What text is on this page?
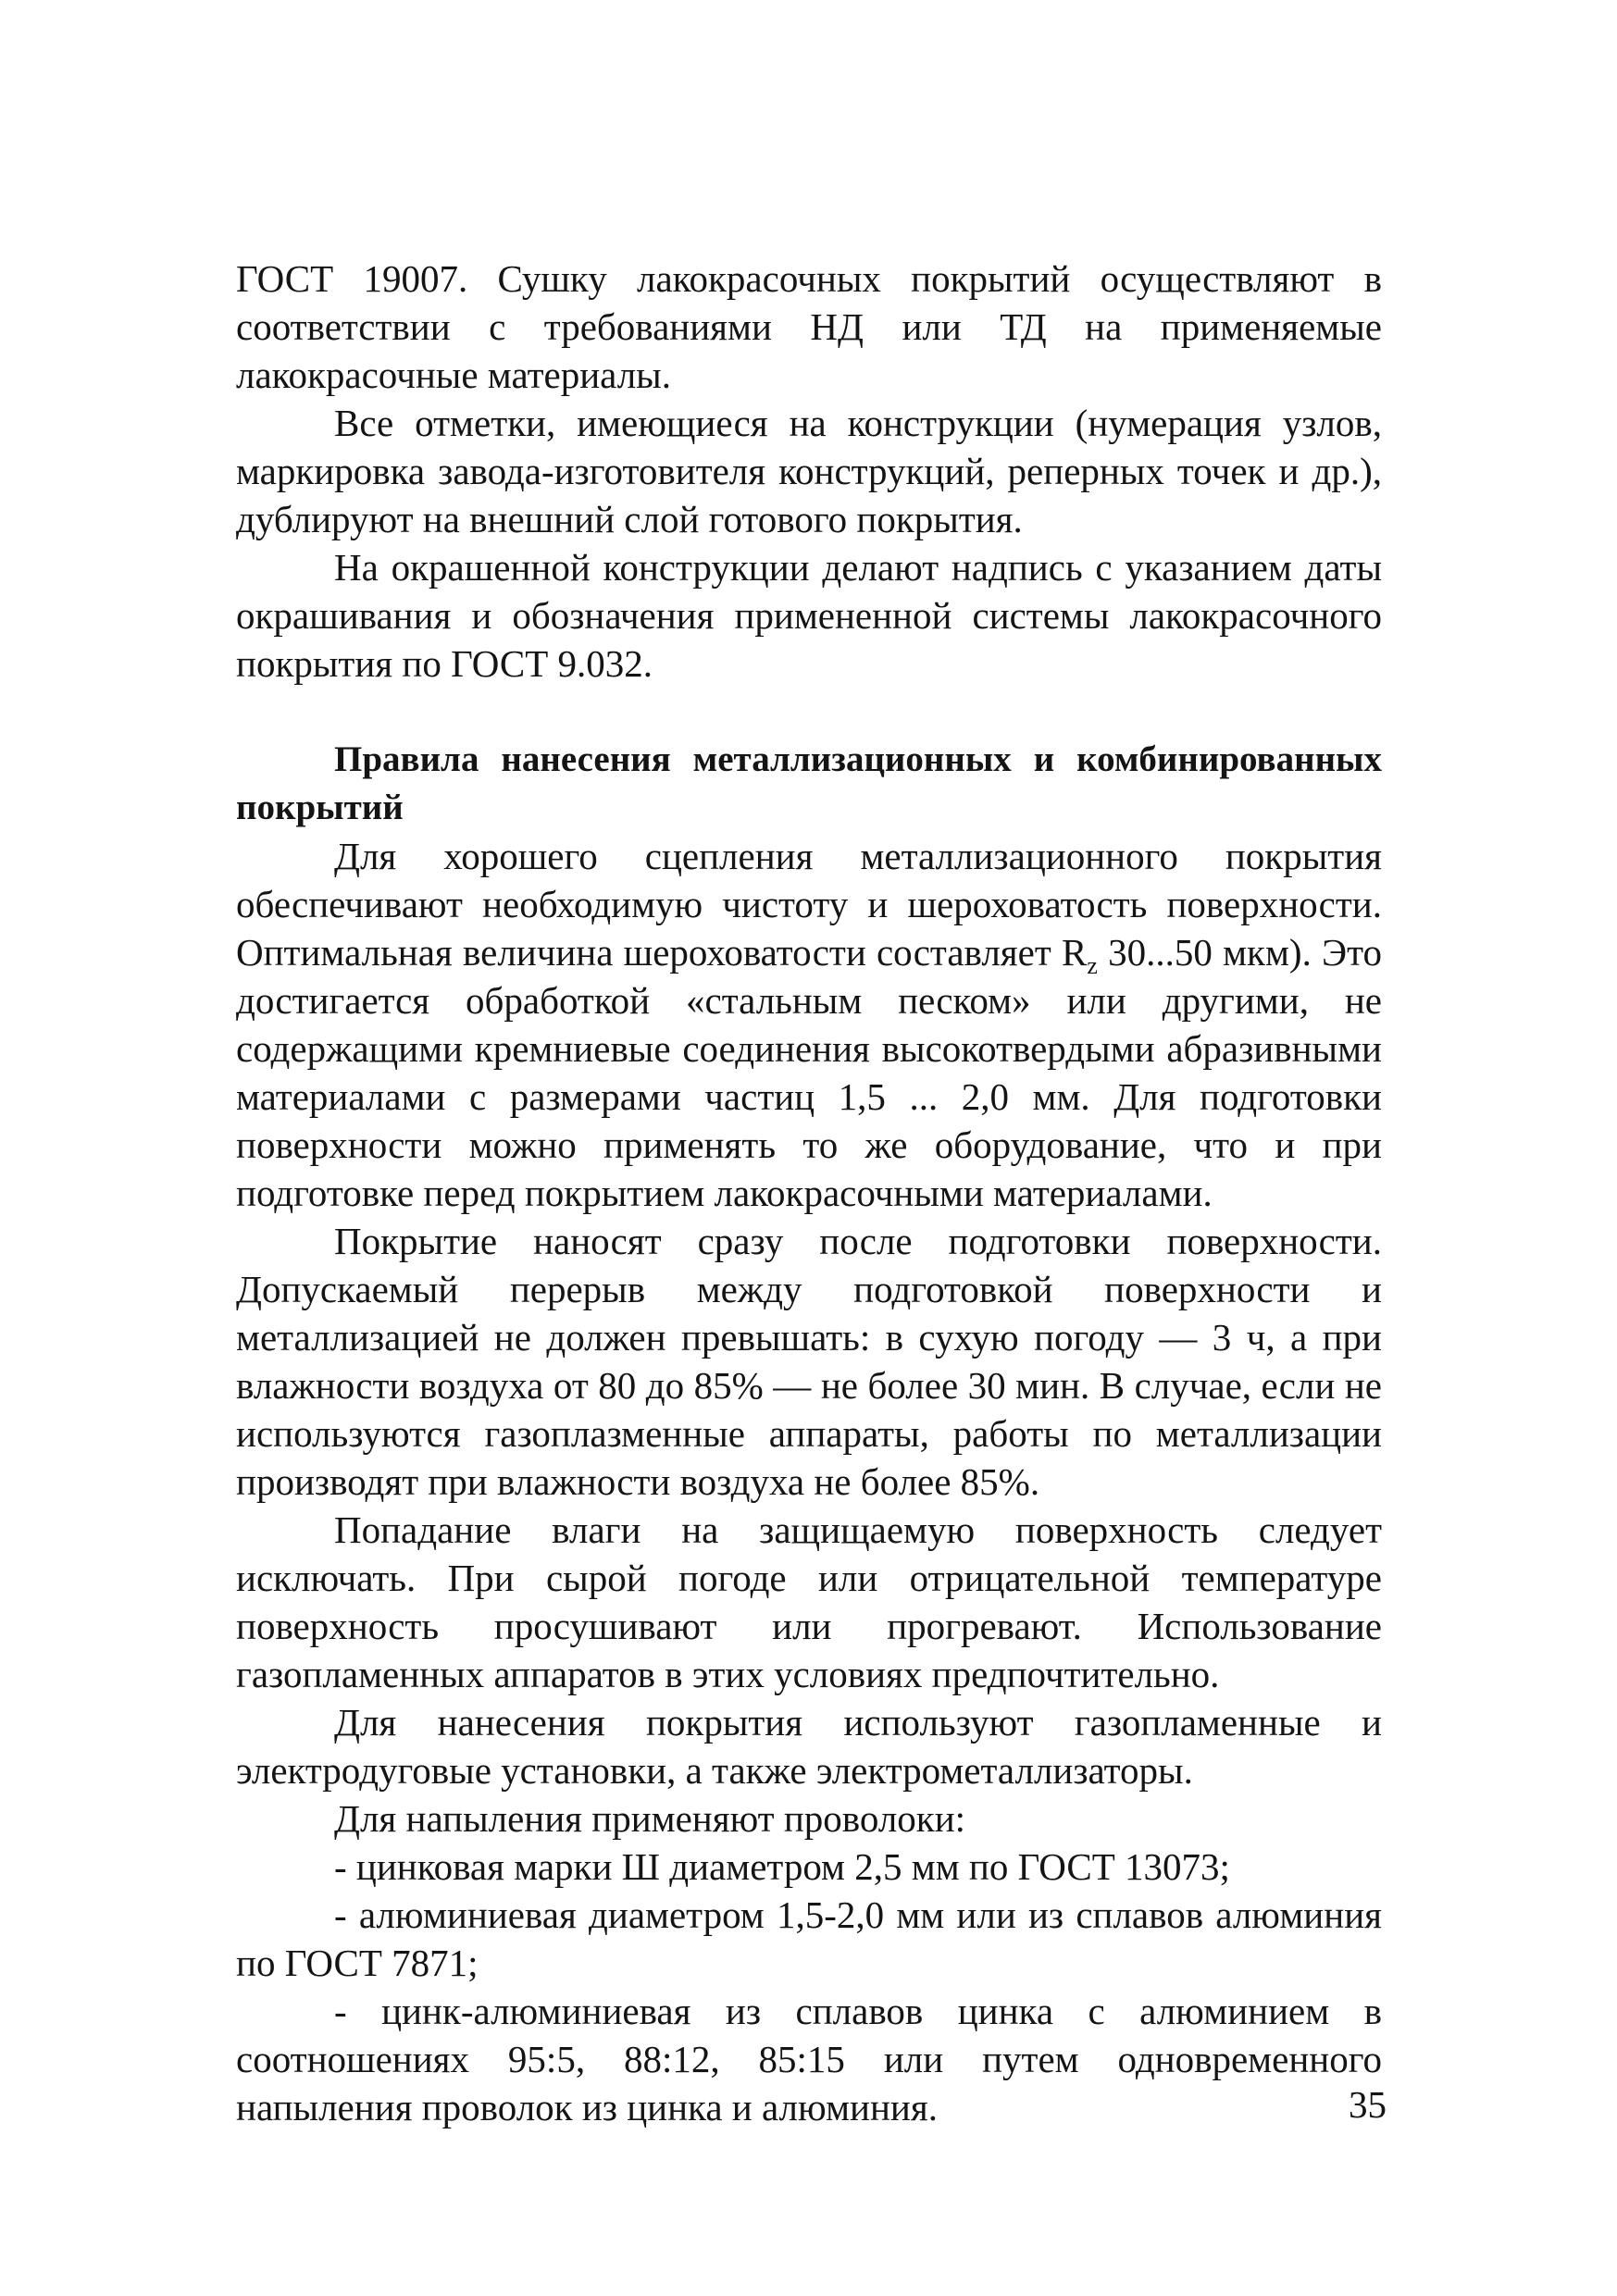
ГОСТ 19007. Сушку лакокрасочных покрытий осуществляют в соответствии с требованиями НД или ТД на применяемые лакокрасочные материалы.

Все отметки, имеющиеся на конструкции (нумерация узлов, маркировка завода-изготовителя конструкций, реперных точек и др.), дублируют на внешний слой готового покрытия.

На окрашенной конструкции делают надпись с указанием даты окрашивания и обозначения примененной системы лакокрасочного покрытия по ГОСТ 9.032.

Правила нанесения металлизационных и комбинированных покрытий

Для хорошего сцепления металлизационного покрытия обеспечивают необходимую чистоту и шероховатость поверхности. Оптимальная величина шероховатости составляет $R_z$ 30...50 мкм). Это достигается обработкой «стальным песком» или другими, не содержащими кремниевые соединения высокотвердыми абразивными материалами с размерами частиц 1,5 ... 2,0 мм. Для подготовки поверхности можно применять то же оборудование, что и при подготовке перед покрытием лакокрасочными материалами.

Покрытие наносят сразу после подготовки поверхности. Допускаемый перерыв между подготовкой поверхности и металлизацией не должен превышать: в сухую погоду — 3 ч, а при влажности воздуха от 80 до 85% — не более 30 мин. В случае, если не используются газоплазменные аппараты, работы по металлизации производят при влажности воздуха не более 85%.

Попадание влаги на защищаемую поверхность следует исключать. При сырой погоде или отрицательной температуре поверхность просушивают или прогревают. Использование газопламенных аппаратов в этих условиях предпочтительно.

Для нанесения покрытия используют газопламенные и электродуговые установки, а также электрометаллизаторы.

Для напыления применяют проволоки:

- цинковая марки Ш диаметром 2,5 мм по ГОСТ 13073;

- алюминиевая диаметром 1,5-2,0 мм или из сплавов алюминия по ГОСТ 7871;

- цинк-алюминиевая из сплавов цинка с алюминием в соотношениях 95:5, 88:12, 85:15 или путем одновременного напыления проволок из цинка и алюминия.	35
